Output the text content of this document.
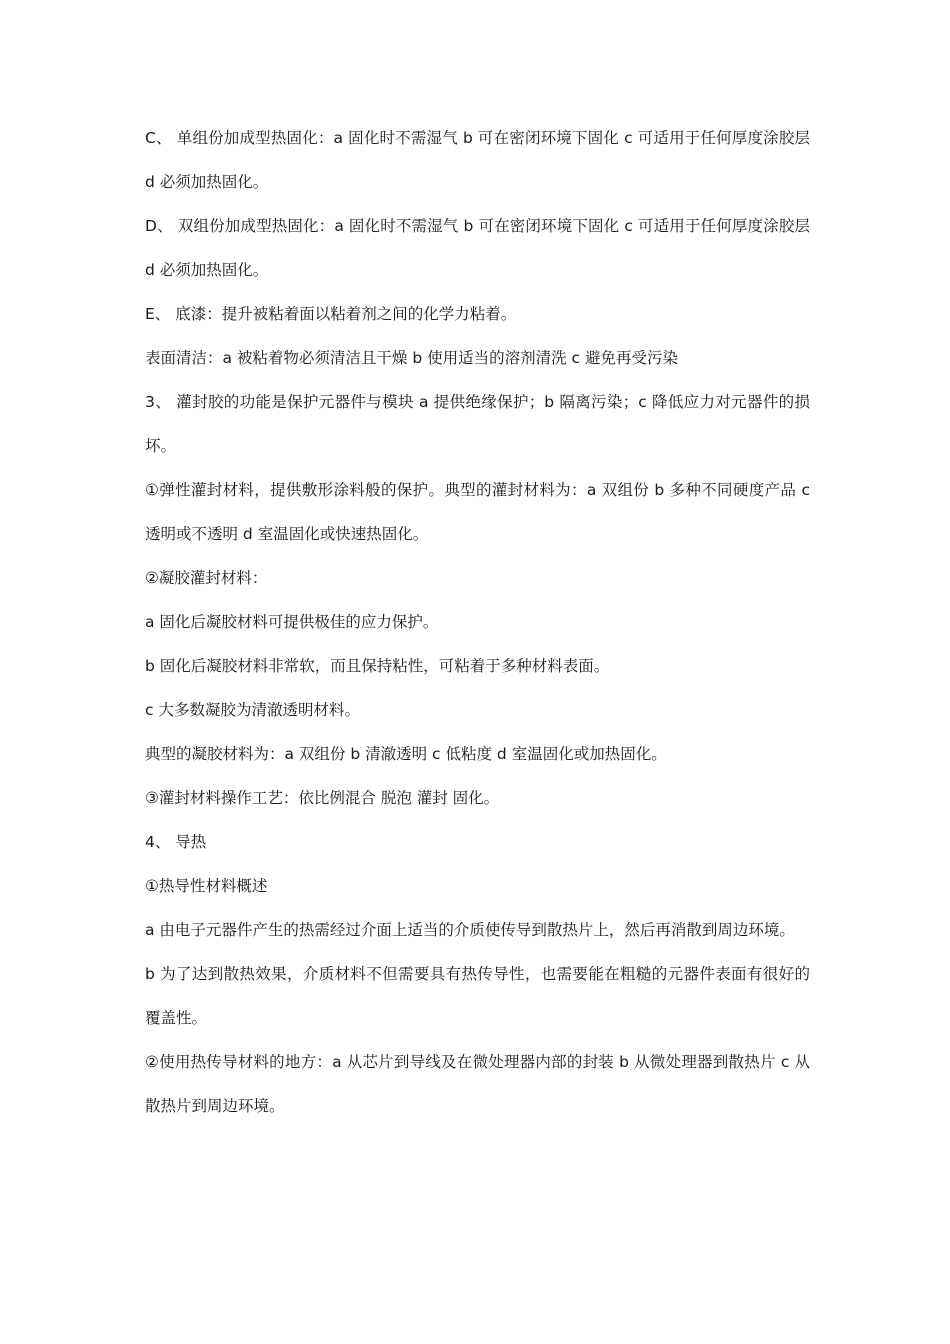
C、 单组份加成型热固化：a 固化时不需湿气 b 可在密闭环境下固化 c 可适用于任何厚度涂胶层 d 必须加热固化。

D、 双组份加成型热固化：a 固化时不需湿气 b 可在密闭环境下固化 c 可适用于任何厚度涂胶层 d 必须加热固化。

E、 底漆：提升被粘着面以粘着剂之间的化学力粘着。

表面清洁：a 被粘着物必须清洁且干燥 b 使用适当的溶剂清洗 c 避免再受污染

3、 灌封胶的功能是保护元器件与模块 a 提供绝缘保护；b 隔离污染；c 降低应力对元器件的损坏。

①弹性灌封材料，提供敷形涂料般的保护。典型的灌封材料为：a 双组份 b 多种不同硬度产品 c 透明或不透明 d 室温固化或快速热固化。

②凝胶灌封材料：

a 固化后凝胶材料可提供极佳的应力保护。

b 固化后凝胶材料非常软，而且保持粘性，可粘着于多种材料表面。

c 大多数凝胶为清澈透明材料。

典型的凝胶材料为：a 双组份 b 清澈透明 c 低粘度 d 室温固化或加热固化。

③灌封材料操作工艺：依比例混合 脱泡 灌封 固化。

4、 导热

①热导性材料概述

a 由电子元器件产生的热需经过介面上适当的介质使传导到散热片上，然后再消散到周边环境。

b 为了达到散热效果，介质材料不但需要具有热传导性，也需要能在粗糙的元器件表面有很好的覆盖性。

②使用热传导材料的地方：a 从芯片到导线及在微处理器内部的封装 b 从微处理器到散热片 c 从散热片到周边环境。
